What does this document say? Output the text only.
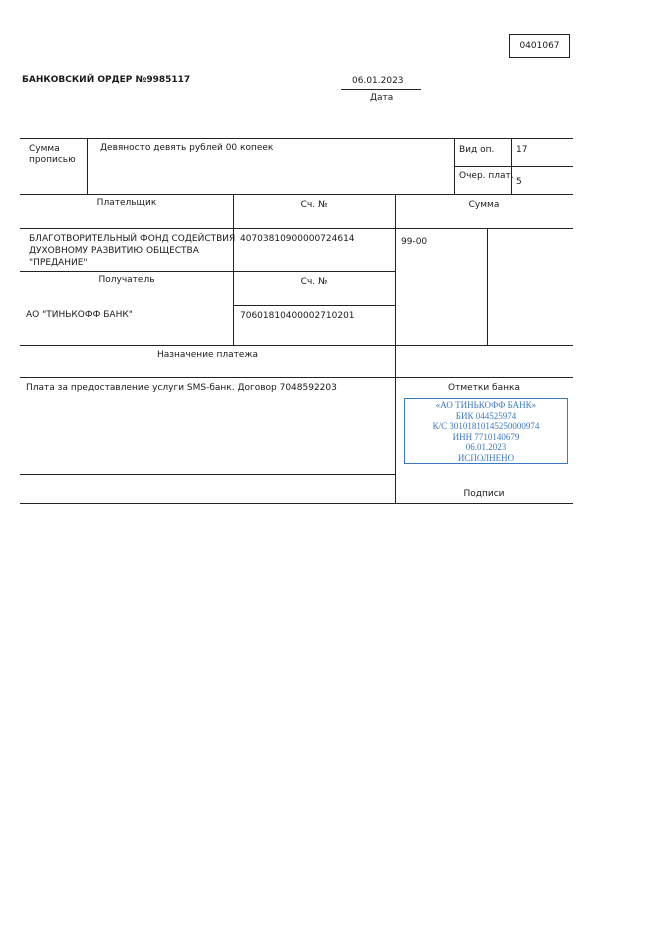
0401067
БАНКОВСКИЙ ОРДЕР №9985117	06.01.2023
Дата
Сумма
прописью
Девяносто девять рублей 00 копеек	Вид оп. 17
Очер. плат.
5
Плательщик	Сч. №	Сумма
БЛАГОТВОРИТЕЛЬНЫЙ ФОНД СОДЕЙСТВИЯ
ДУХОВНОМУ РАЗВИТИЮ ОБЩЕСТВА
"ПРЕДАНИЕ"
40703810900000724614	99-00
Получатель	Сч. №
АО "ТИНЬКОФФ БАНК"	70601810400002710201
Назначение платежа
Плата за предоставление услуги SMS-банк. Договор 7048592203	Отметки банка
«АО ТИНЬКОФФ БАНК»
БИК 044525974
К/С 30101810145250000974
ИНН 7710140679
06.01.2023
ИСПОЛНЕНО
Подписи
